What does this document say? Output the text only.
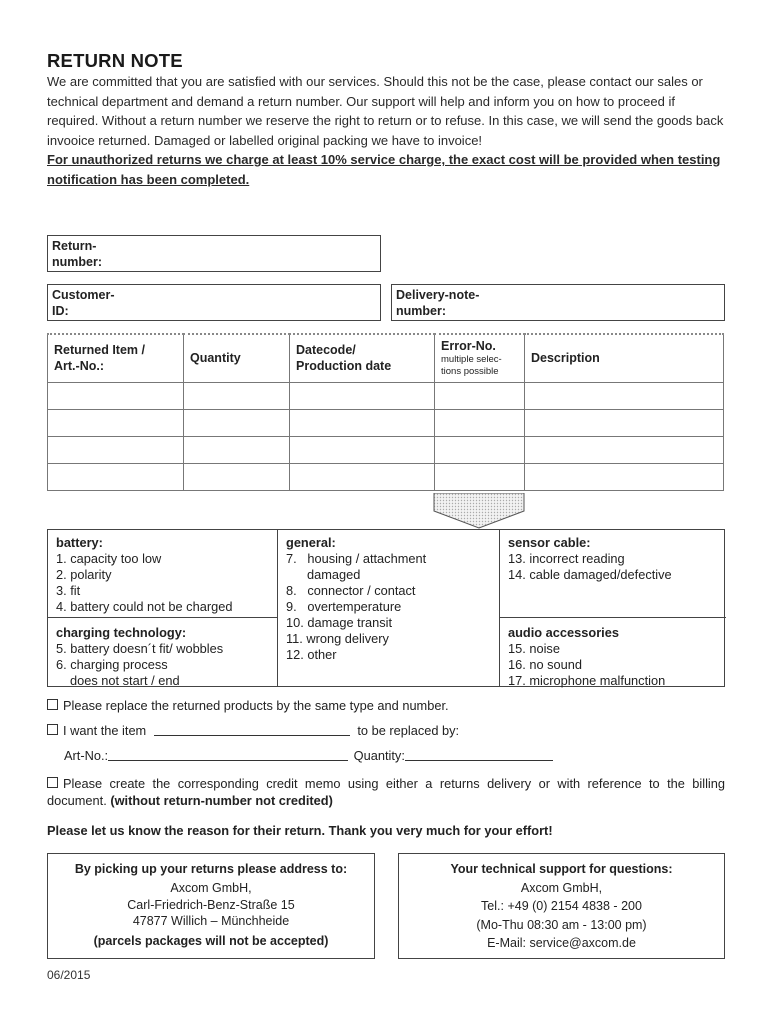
RETURN NOTE
We are committed that you are satisfied with our services. Should this not be the case, please contact our sales or technical department and demand a return number. Our support will help and inform you on how to proceed if required. Without a return number we reserve the right to return or to refuse. In this case, we will send the goods back invooice returned. Damaged or labelled original packing we have to invoice!
For unauthorized returns we charge at least 10% service charge, the exact cost will be provided when testing notification has been completed.
Return-
number:
Customer-
ID:
Delivery-note-
number:
Returned Item /
Art.-No.:	Quantity	Datecode/
Production date	Error-No.
multiple selec-
tions possible	Description

battery:
1. capacity too low
2. polarity
3. fit
4. battery could not be charged
charging technology:
5. battery doesn´t fit/ wobbles
6. charging process
does not start / end
general:
7.   housing / attachment
damaged
8.   connector / contact
9.   overtemperature
10. damage transit
11. wrong delivery
12. other
sensor cable:
13. incorrect reading
14. cable damaged/defective
audio accessories
15. noise
16. no sound
17. microphone malfunction
Please replace the returned products by the same type and number.
I want the item	to be replaced by:
Art-No.:	Quantity:
Please create the corresponding credit memo using either a returns delivery or with reference to the billing document. (without return-number not credited)
Please let us know the reason for their return. Thank you very much for your effort!
By picking up your returns please address to:
Axcom GmbH,
Carl-Friedrich-Benz-Straße 15
47877 Willich – Münchheide
(parcels packages will not be accepted)
Your technical support for questions:
Axcom GmbH,
Tel.: +49 (0) 2154 4838 - 200
(Mo-Thu 08:30 am - 13:00 pm)
E-Mail: service@axcom.de
06/2015
